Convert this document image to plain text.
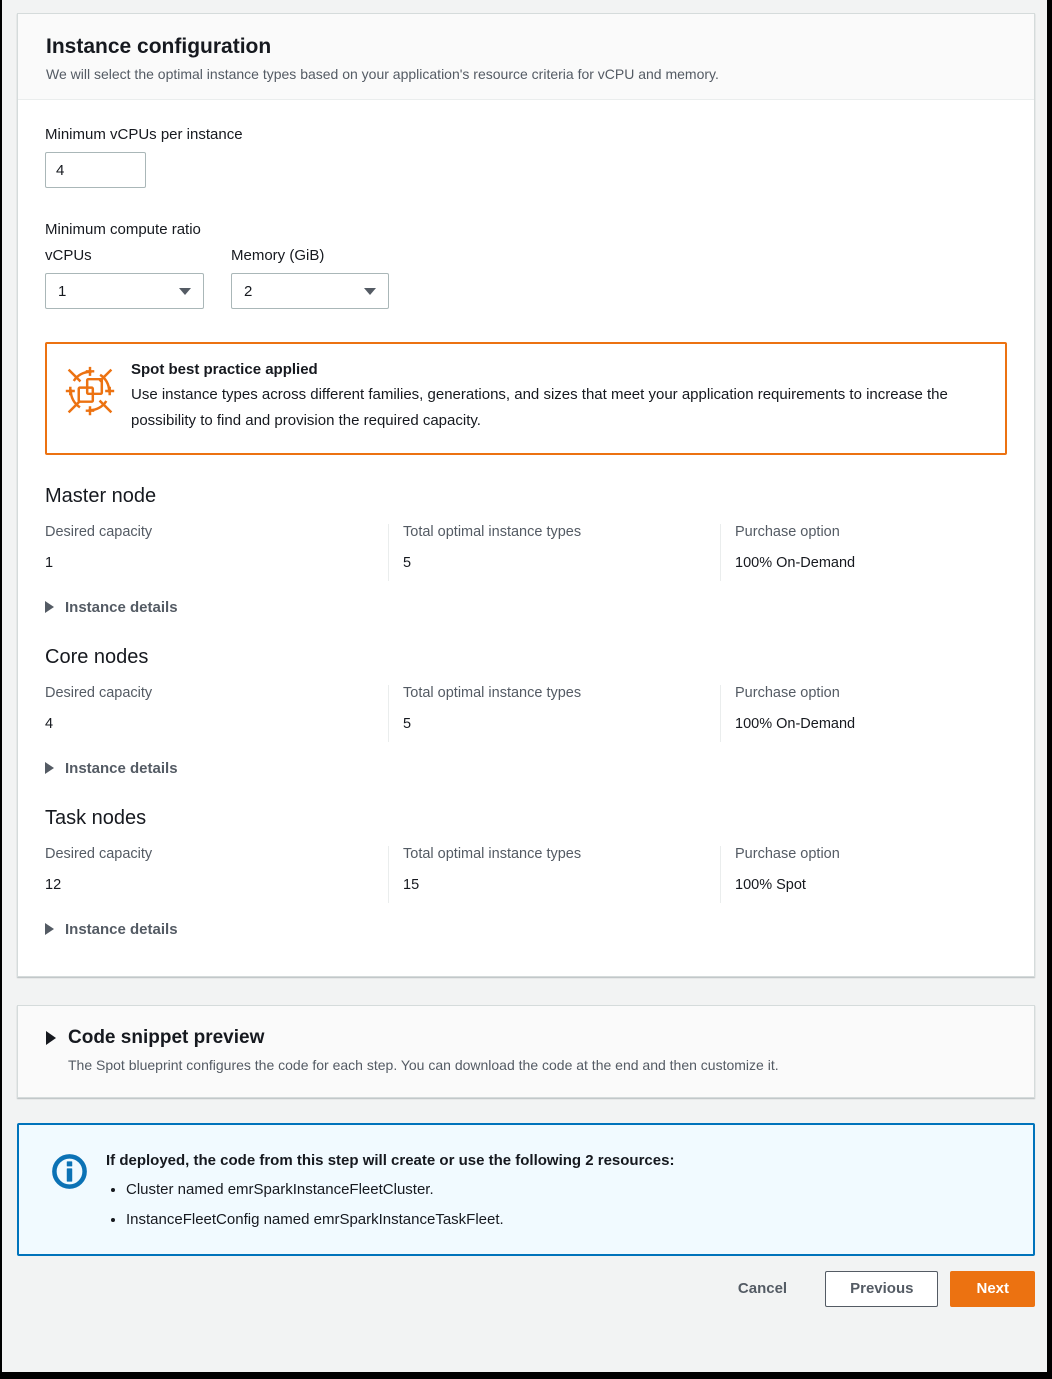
Instance configuration
We will select the optimal instance types based on your application's resource criteria for vCPU and memory.
Minimum vCPUs per instance
4
Minimum compute ratio
vCPUs
1
Memory (GiB)
2
Spot best practice applied
Use instance types across different families, generations, and sizes that meet your application requirements to increase the possibility to find and provision the required capacity.
Master node
Desired capacity
1
Total optimal instance types
5
Purchase option
100% On-Demand
Instance details
Core nodes
Desired capacity
4
Total optimal instance types
5
Purchase option
100% On-Demand
Instance details
Task nodes
Desired capacity
12
Total optimal instance types
15
Purchase option
100% Spot
Instance details
Code snippet preview
The Spot blueprint configures the code for each step. You can download the code at the end and then customize it.
If deployed, the code from this step will create or use the following 2 resources:
• Cluster named emrSparkInstanceFleetCluster.
• InstanceFleetConfig named emrSparkInstanceTaskFleet.
Cancel	Previous	Next
